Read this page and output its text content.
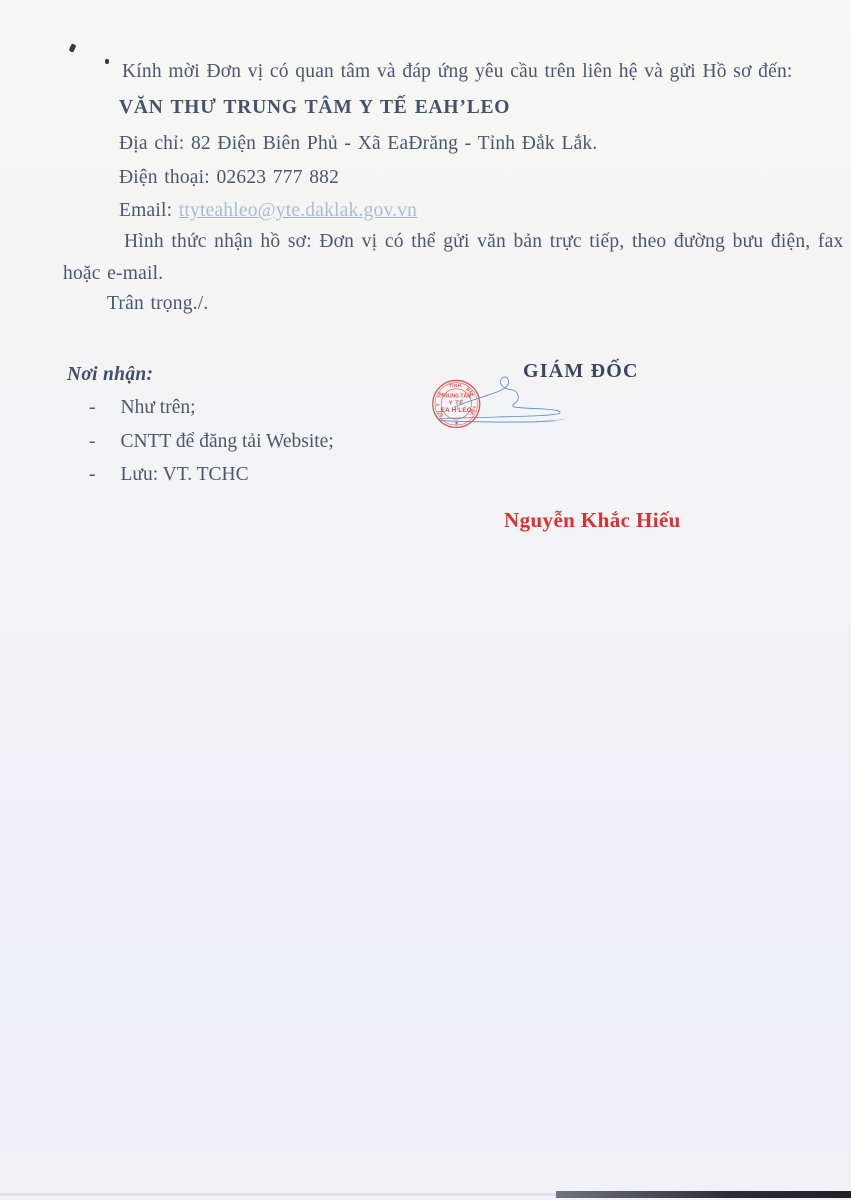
Kính mời Đơn vị có quan tâm và đáp ứng yêu cầu trên liên hệ và gửi Hồ sơ đến:
VĂN THƯ TRUNG TÂM Y TẾ EAH’LEO
Địa chỉ: 82 Điện Biên Phủ - Xã EaĐrăng - Tỉnh Đắk Lắk.
Điện thoại: 02623 777 882
Email: ttyteahleo@yte.daklak.gov.vn
Hình thức nhận hồ sơ: Đơn vị có thể gửi văn bản trực tiếp, theo đường bưu điện, fax
hoặc e-mail.
Trân trọng./.
Nơi nhận:
- Như trên;
- CNTT để đăng tải Website;
- Lưu: VT. TCHC
GIÁM ĐỐC
Nguyễn Khắc Hiếu
SỞ
Y
TẾ
TỈNH
ĐẮK
LẮK
TRUNG TÂM
Y TẾ
EA H’LEO
★
